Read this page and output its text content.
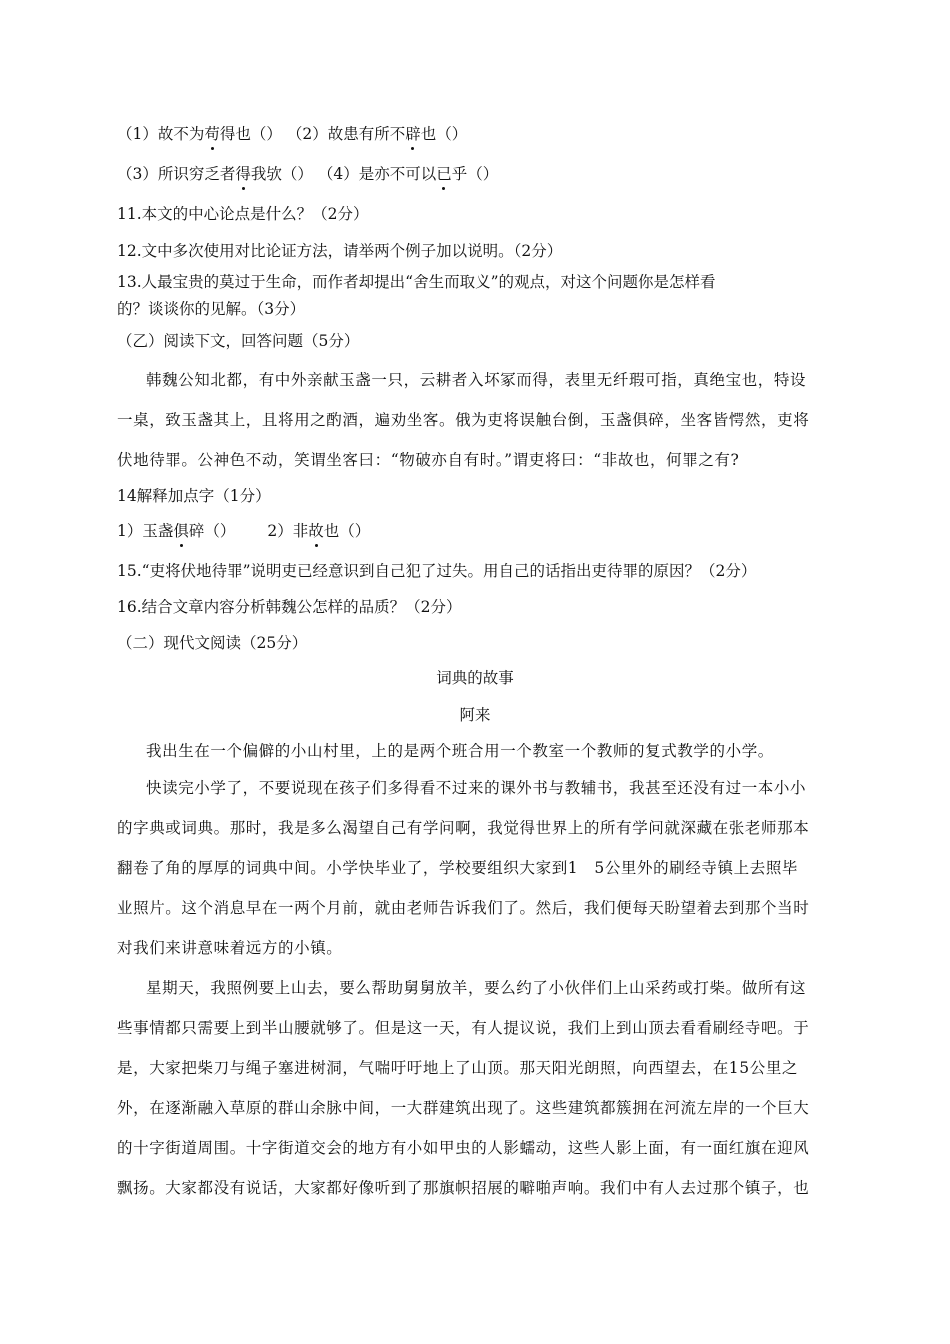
（1）故不为苟得也（） （2）故患有所不辟也（）
（3）所识穷乏者得我欤（） （4）是亦不可以已乎（）
11.本文的中心论点是什么？（2分）
12.文中多次使用对比论证方法，请举两个例子加以说明。（2分）
13.人最宝贵的莫过于生命，而作者却提出“舍生而取义”的观点，对这个问题你是怎样看
的？谈谈你的见解。（3分）
（乙）阅读下文，回答问题（5分）
韩魏公知北都，有中外亲献玉盏一只，云耕者入坏冢而得，表里无纤瑕可指，真绝宝也，特设
一桌，致玉盏其上，且将用之酌酒，遍劝坐客。俄为吏将误触台倒，玉盏俱碎，坐客皆愕然，吏将
伏地待罪。公神色不动，笑谓坐客曰：“物破亦自有时。”谓吏将曰：“非故也，何罪之有?
14解释加点字（1分）
1）玉盏俱碎（） 2）非故也（）
15.“吏将伏地待罪”说明吏已经意识到自己犯了过失。用自己的话指出吏待罪的原因？（2分）
16.结合文章内容分析韩魏公怎样的品质？（2分）
（二）现代文阅读（25分）
词典的故事
阿来
我出生在一个偏僻的小山村里，上的是两个班合用一个教室一个教师的复式教学的小学。
快读完小学了，不要说现在孩子们多得看不过来的课外书与教辅书，我甚至还没有过一本小小
的字典或词典。那时，我是多么渴望自己有学问啊，我觉得世界上的所有学问就深藏在张老师那本
翻卷了角的厚厚的词典中间。小学快毕业了，学校要组织大家到1　5公里外的刷经寺镇上去照毕
业照片。这个消息早在一两个月前，就由老师告诉我们了。然后，我们便每天盼望着去到那个当时
对我们来讲意味着远方的小镇。
星期天，我照例要上山去，要么帮助舅舅放羊，要么约了小伙伴们上山采药或打柴。做所有这
些事情都只需要上到半山腰就够了。但是这一天，有人提议说，我们上到山顶去看看刷经寺吧。于
是，大家把柴刀与绳子塞进树洞，气喘吁吁地上了山顶。那天阳光朗照，向西望去，在15公里之
外，在逐渐融入草原的群山余脉中间，一大群建筑出现了。这些建筑都簇拥在河流左岸的一个巨大
的十字街道周围。十字街道交会的地方有小如甲虫的人影蠕动，这些人影上面，有一面红旗在迎风
飘扬。大家都没有说话，大家都好像听到了那旗帜招展的噼啪声响。我们中有人去过那个镇子，也
